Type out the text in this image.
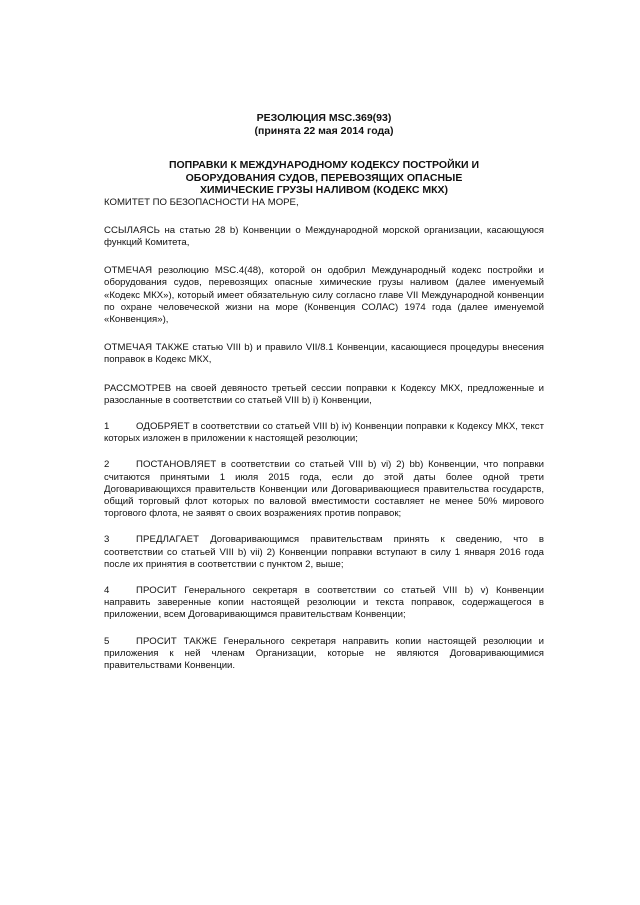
РЕЗОЛЮЦИЯ MSC.369(93)

(принята 22 мая 2014 года)

ПОПРАВКИ К МЕЖДУНАРОДНОМУ КОДЕКСУ ПОСТРОЙКИ И
ОБОРУДОВАНИЯ СУДОВ, ПЕРЕВОЗЯЩИХ ОПАСНЫЕ
ХИМИЧЕСКИЕ ГРУЗЫ НАЛИВОМ (КОДЕКС МКХ)

КОМИТЕТ ПО БЕЗОПАСНОСТИ НА МОРЕ,

ССЫЛАЯСЬ на статью 28 b) Конвенции о Международной морской организации, касающуюся функций Комитета,

ОТМЕЧАЯ резолюцию MSC.4(48), которой он одобрил Международный кодекс постройки и оборудования судов, перевозящих опасные химические грузы наливом (далее именуемый «Кодекс МКХ»), который имеет обязательную силу согласно главе VII Международной конвенции по охране человеческой жизни на море (Конвенция СОЛАС) 1974 года (далее именуемой «Конвенция»),

ОТМЕЧАЯ ТАКЖЕ статью VIII b) и правило VII/8.1 Конвенции, касающиеся процедуры внесения поправок в Кодекс МКХ,

РАССМОТРЕВ на своей девяносто третьей сессии поправки к Кодексу МКХ, предложенные и разосланные в соответствии со статьей VIII b) i) Конвенции,

1	ОДОБРЯЕТ в соответствии со статьей VIII b) iv) Конвенции поправки к Кодексу МКХ, текст которых изложен в приложении к настоящей резолюции;

2	ПОСТАНОВЛЯЕТ в соответствии со статьей VIII b) vi) 2) bb) Конвенции, что поправки считаются принятыми 1 июля 2015 года, если до этой даты более одной трети Договаривающихся правительств Конвенции или Договаривающиеся правительства государств, общий торговый флот которых по валовой вместимости составляет не менее 50% мирового торгового флота, не заявят о своих возражениях против поправок;

3	ПРЕДЛАГАЕТ Договаривающимся правительствам принять к сведению, что в соответствии со статьей VIII b) vii) 2) Конвенции поправки вступают в силу 1 января 2016 года после их принятия в соответствии с пунктом 2, выше;

4	ПРОСИТ Генерального секретаря в соответствии со статьей VIII b) v) Конвенции направить заверенные копии настоящей резолюции и текста поправок, содержащегося в приложении, всем Договаривающимся правительствам Конвенции;

5	ПРОСИТ ТАКЖЕ Генерального секретаря направить копии настоящей резолюции и приложения к ней членам Организации, которые не являются Договаривающимися правительствами Конвенции.
